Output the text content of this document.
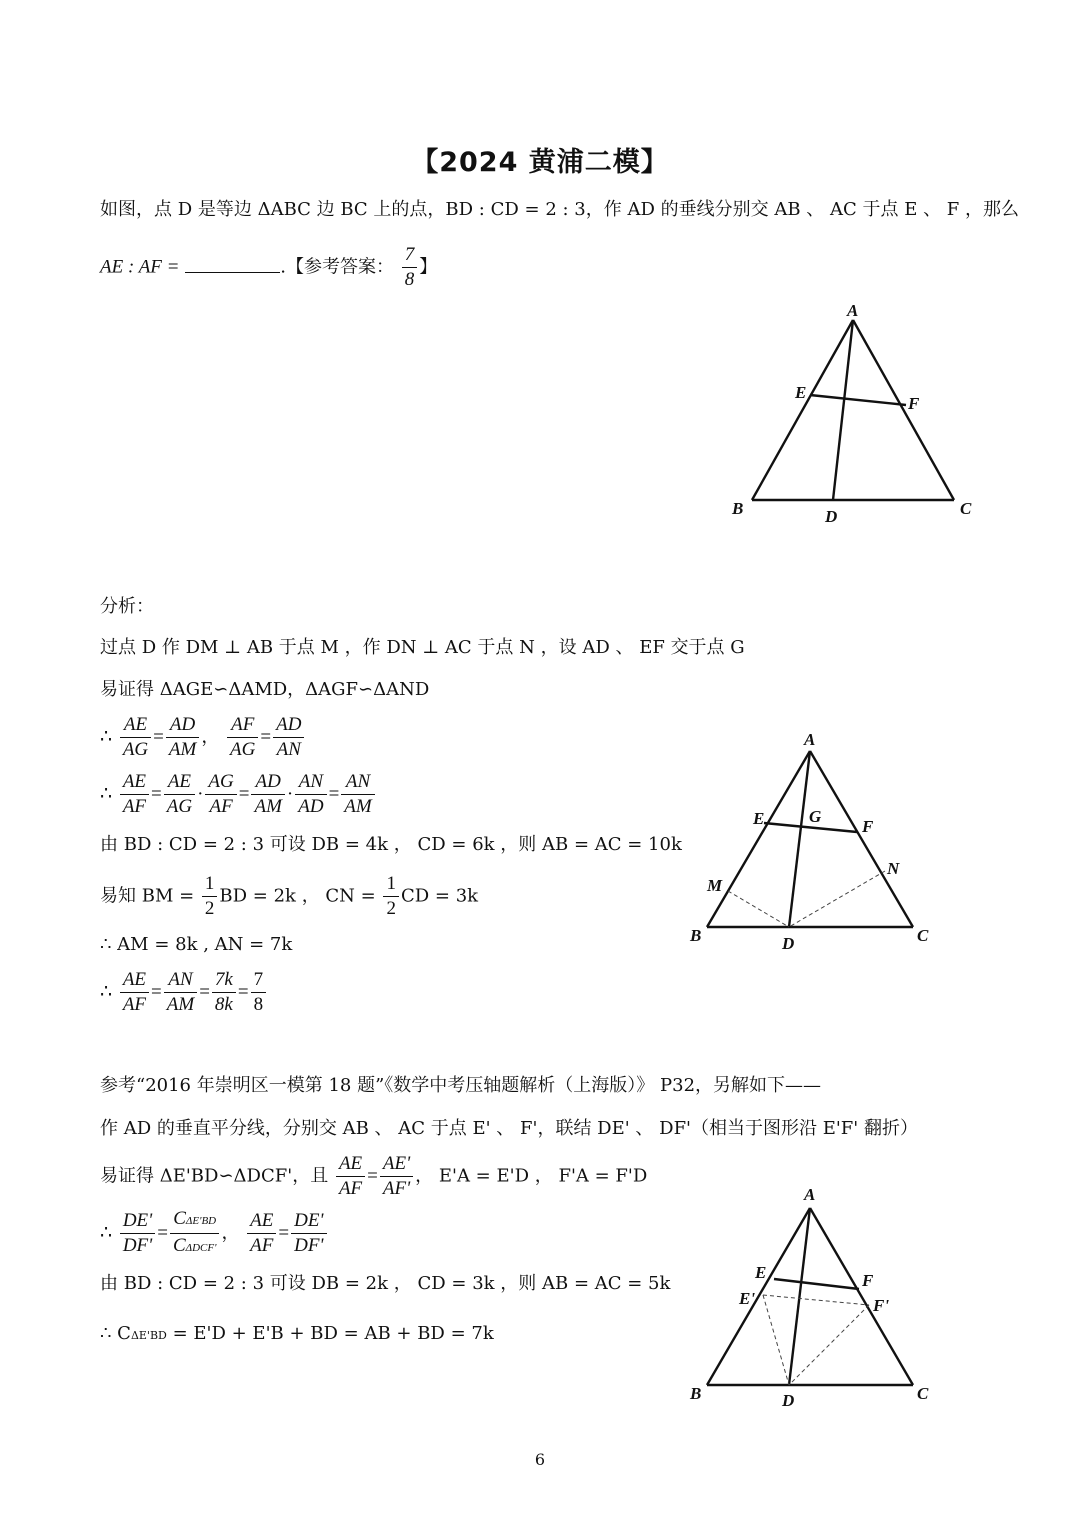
【2024 黄浦二模】
如图，点 D 是等边 ΔABC 边 BC 上的点，BD : CD = 2 : 3，作 AD 的垂线分别交 AB 、 AC 于点 E 、 F ，那么
AE : AF =	.【参考答案： $\frac{7}{8}$ 】
A
E
F
B	D	C
分析：
过点 D 作 DM ⊥ AB 于点 M ，作 DN ⊥ AC 于点 N ，设 AD 、 EF 交于点 G
易证得 ΔAGE∽ΔAMD，ΔAGF∽ΔAND
∴ $\frac{AE}{AG} = \frac{AD}{AM}$ ， $\frac{AF}{AG} = \frac{AD}{AN}$
∴ $\frac{AE}{AF} = \frac{AE}{AG} \cdot \frac{AG}{AF} = \frac{AD}{AM} \cdot \frac{AN}{AD} = \frac{AN}{AM}$
由 BD : CD = 2 : 3 可设 DB = 4k ， CD = 6k ，则 AB = AC = 10k
易知 BM = $\frac{1}{2}$ BD = 2k ， CN = $\frac{1}{2}$ CD = 3k
∴ AM = 8k , AN = 7k
∴ $\frac{AE}{AF} = \frac{AN}{AM} = \frac{7k}{8k} = \frac{7}{8}$
A
E	G
F
N
M
B	D	C
参考“2016 年崇明区一模第 18 题”《数学中考压轴题解析（上海版）》 P32，另解如下——
作 AD 的垂直平分线，分别交 AB 、 AC 于点 E' 、 F'，联结 DE' 、 DF'（相当于图形沿 E'F' 翻折）
易证得 ΔE'BD∽ΔDCF'，且 $\frac{AE}{AF} = \frac{AE'}{AF'}$ ， E'A = E'D ， F'A = F'D
∴ $\frac{DE'}{DF'} = \frac{\text{CΔE'BD}}{\text{CΔDCF'}}$ ， $\frac{AE}{AF} = \frac{DE'}{DF'}$
由 BD : CD = 2 : 3 可设 DB = 2k ， CD = 3k ，则 AB = AC = 5k
∴ CΔE'BD = E'D + E'B + BD = AB + BD = 7k
A
E	F
E'	F'
B	D	C
6
